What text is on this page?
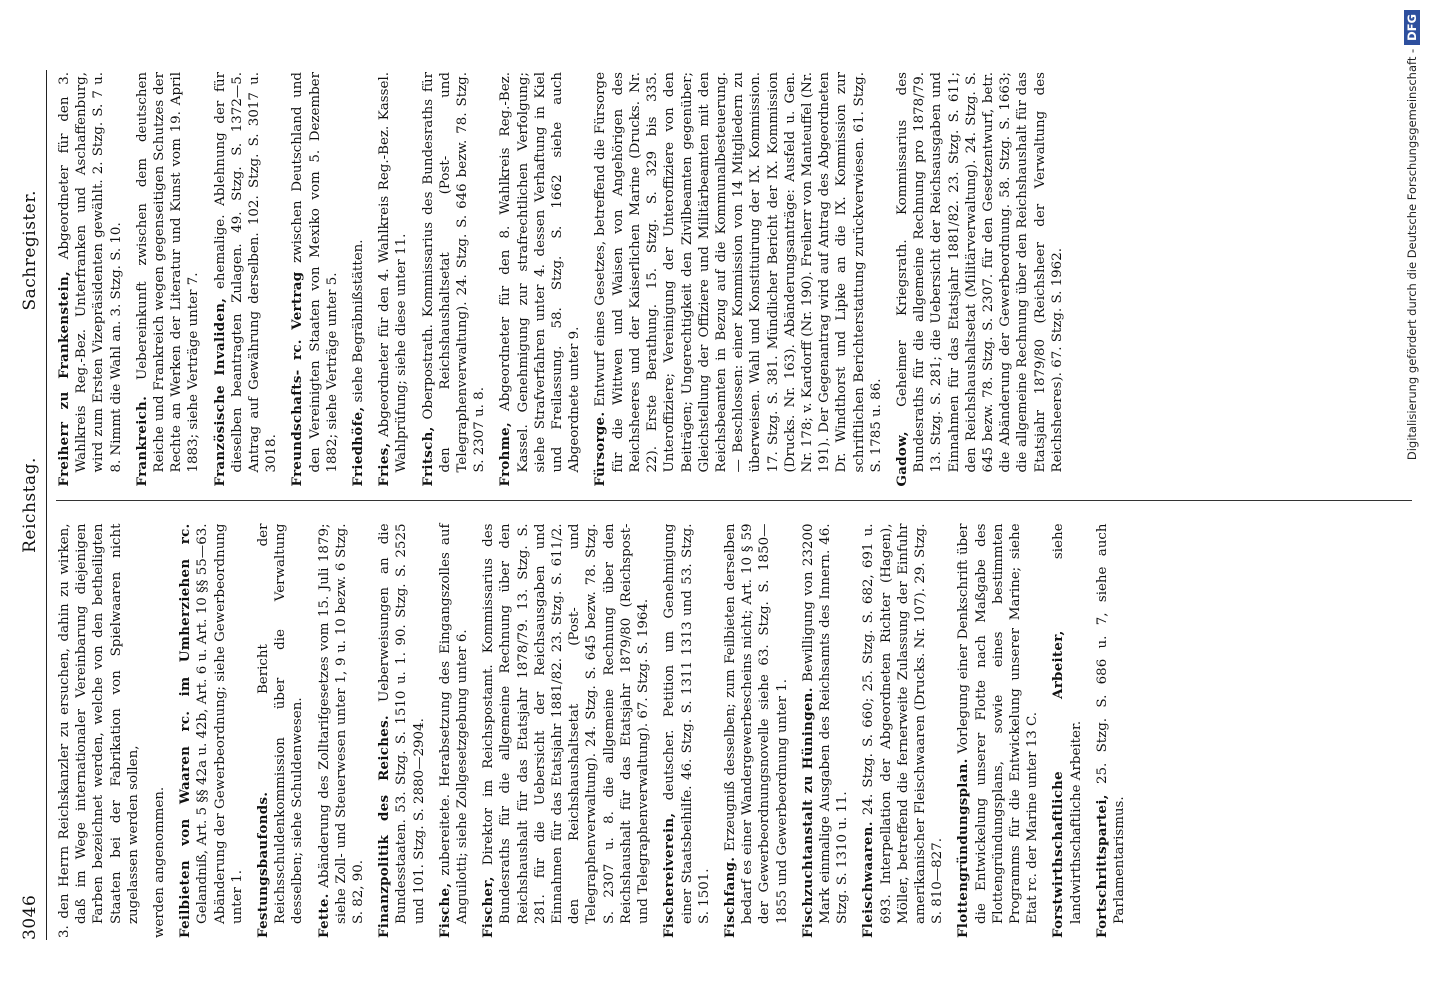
3046
Reichstag.
Sachregister.

3. den Herrn Reichskanzler zu ersuchen, dahin zu wirken, daß im Wege internationaler Vereinbarung diejenigen Farben bezeichnet werden, welche von den betheiligten Staaten bei der Fabrikation von Spielwaaren nicht zugelassen werden sollen, werden angenommen. Feilbieten von Waaren rc. im Umherziehen rc. Gelandniß, Art. 5 §§ 42a u. 42b, Art. 6 u. Art. 10 §§ 55—63. Abänderung der Gewerbeordnung; siehe Gewerbeordnung unter 1. Festungsbaufonds. Bericht der Reichsschuldenkommission über die Verwaltung desselben; siehe Schuldenwesen. Fette. Abänderung des Zolltarifgesetzes vom 15. Juli 1879; siehe Zoll- und Steuerwesen unter 1, 9 u. 10 bezw. 6 Stzg. S. 82, 90. Finanzpolitik des Reiches. Ueberweisungen an die Bundesstaaten. 53. Stzg. S. 1510 u. 1. 90. Stzg. S. 2525 und 101. Stzg. S. 2880—2904. Fische, zubereitete. Herabsetzung des Eingangszolles auf Anguilotti; siehe Zollgesetzgebung unter 6. Fischer, Direktor im Reichspostamt. Kommissarius des Bundesraths für die allgemeine Rechnung über den Reichshaushalt für das Etatsjahr 1878/79. 13. Stzg. S. 281. für die Uebersicht der Reichsausgaben und Einnahmen für das Etatsjahr 1881/82. 23. Stzg. S. 611/2. den Reichshaushaltsetat (Post- und Telegraphenverwaltung). 24. Stzg. S. 645 bezw. 78. Stzg. S. 2307 u. 8. die allgemeine Rechnung über den Reichshaushalt für das Etatsjahr 1879/80 (Reichspost- und Telegraphenverwaltung). 67. Stzg. S. 1964. Fischereiverein, deutscher. Petition um Genehmigung einer Staatsbeihilfe. 46. Stzg. S. 1311 1313 und 53. Stzg. S. 1501. Fischfang. Erzeugniß desselben; zum Feilbieten derselben bedarf es einer Wandergewerbescheins nicht; Art. 10 § 59 der Gewerbeordnungsnovelle siehe 63. Stzg. S. 1850—1855 und Gewerbeordnung unter 1. Fischzuchtanstalt zu Hüningen. Bewilligung von 23200 Mark einmalige Ausgaben des Reichsamts des Innern. 46. Stzg. S. 1310 u. 11. Fleischwaaren. 24. Stzg. S. 660; 25. Stzg. S. 682, 691 u. 693. Interpellation der Abgeordneten Richter (Hagen), Möller, betreffend die fernerweite Zulassung der Einfuhr amerikanischer Fleischwaaren (Drucks. Nr. 107). 29. Stzg. S. 810—827. Flottengründungsplan. Vorlegung einer Denkschrift über die Entwickelung unserer Flotte nach Maßgabe des Flottengründungsplans, sowie eines bestimmten Programms für die Entwickelung unserer Marine; siehe Etat rc. der Marine unter 13 C. Forstwirthschaftliche Arbeiter, siehe landwirthschaftliche Arbeiter. Fortschrittspartei, 25. Stzg. S. 686 u. 7, siehe auch Parlamentarismus.

Freiherr zu Frankenstein, Abgeordneter für den 3. Wahlkreis Reg.-Bez. Unterfranken und Aschaffenburg, wird zum Ersten Vizepräsidenten gewählt. 2. Stzg. S. 7 u. 8. Nimmt die Wahl an. 3. Stzg. S. 10. Frankreich. Uebereinkunft zwischen dem deutschen Reiche und Frankreich wegen gegenseitigen Schutzes der Rechte an Werken der Literatur und Kunst vom 19. April 1883; siehe Verträge unter 7. Französische Invaliden, ehemalige. Ablehnung der für dieselben beantragten Zulagen. 49. Stzg. S. 1372—5. Antrag auf Gewährung derselben. 102. Stzg. S. 3017 u. 3018. Freundschafts- rc. Vertrag zwischen Deutschland und den Vereinigten Staaten von Mexiko vom 5. Dezember 1882; siehe Verträge unter 5. Friedhöfe, siehe Begräbnißstätten.

Fries, Abgeordneter für den 4. Wahlkreis Reg.-Bez. Kassel. Wahlprüfung; siehe diese unter 11. Fritsch, Oberpostrath. Kommissarius des Bundesraths für den Reichshaushaltsetat (Post- und Telegraphenverwaltung). 24. Stzg. S. 646 bezw. 78. Stzg. S. 2307 u. 8. Frohme, Abgeordneter für den 8. Wahlkreis Reg.-Bez. Kassel. Genehmigung zur strafrechtlichen Verfolgung; siehe Strafverfahren unter 4. dessen Verhaftung in Kiel und Freilassung. 58. Stzg. S. 1662 siehe auch Abgeordnete unter 9. Fürsorge. Entwurf eines Gesetzes, betreffend die Fürsorge für die Wittwen und Waisen von Angehörigen des Reichsheeres und der Kaiserlichen Marine (Drucks. Nr. 22). Erste Berathung. 15. Stzg. S. 329 bis 335. Unteroffiziere; Vereinigung der Unteroffiziere von den Beiträgen; Ungerechtigkeit den Zivilbeamten gegenüber; Gleichstellung der Offiziere und Militärbeamten mit den Reichsbeamten in Bezug auf die Kommunalbesteuerung. — Beschlossen: einer Kommission von 14 Mitgliedern zu überweisen. Wahl und Konstituirung der IX. Kommission. 17. Stzg. S. 381. Mündlicher Bericht der IX. Kommission (Drucks. Nr. 163). Abänderungsanträge: Ausfeld u. Gen. Nr. 178; v. Kardorff (Nr. 190). Freiherr von Manteuffel (Nr. 191). Der Gegenantrag wird auf Antrag des Abgeordneten Dr. Windthorst und Lipke an die IX. Kommission zur schriftlichen Berichterstattung zurückverwiesen. 61. Stzg. S. 1785 u. 86. Gadow, Geheimer Kriegsrath. Kommissarius des Bundesraths für die allgemeine Rechnung pro 1878/79. 13. Stzg. S. 281; die Uebersicht der Reichsausgaben und Einnahmen für das Etatsjahr 1881/82. 23. Stzg. S. 611; den Reichshaushaltsetat (Militärverwaltung). 24. Stzg. S. 645 bezw. 78. Stzg. S. 2307. für den Gesetzentwurf, betr. die Abänderung der Gewerbeordnung. 58. Stzg. S. 1663; die allgemeine Rechnung über den Reichshaushalt für das Etatsjahr 1879/80 (Reichsheer der Verwaltung des Reichsheeres). 67. Stzg. S. 1962.	Digitalisierung gefördert durch die Deutsche Forschungsgemeinschaft -DFG
